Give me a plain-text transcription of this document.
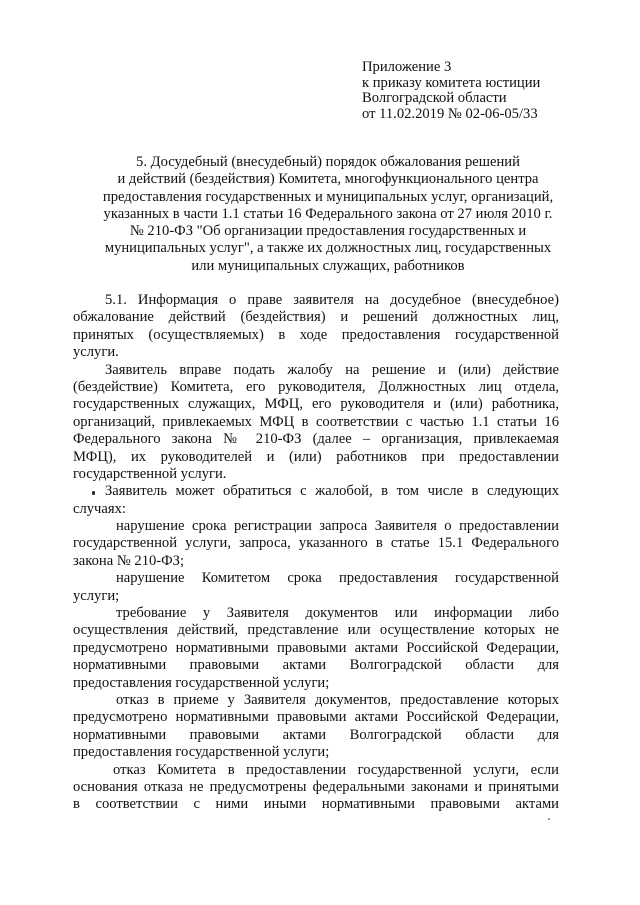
Приложение 3
к приказу комитета юстиции
Волгоградской области
от 11.02.2019 № 02-06-05/33
5. Досудебный (внесудебный) порядок обжалования решений
и действий (бездействия) Комитета, многофункционального центра
предоставления государственных и муниципальных услуг, организаций,
указанных в части 1.1 статьи 16 Федерального закона от 27 июля 2010 г.
№ 210-ФЗ "Об организации предоставления государственных и
муниципальных услуг", а также их должностных лиц, государственных
или муниципальных служащих, работников
5.1. Информация о праве заявителя на досудебное (внесудебное)
обжалование действий (бездействия) и решений должностных лиц,
принятых (осуществляемых) в ходе предоставления государственной
услуги.
Заявитель вправе подать жалобу на решение и (или) действие
(бездействие) Комитета, его руководителя, Должностных лиц отдела,
государственных служащих, МФЦ, его руководителя и (или) работника,
организаций, привлекаемых МФЦ в соответствии с частью 1.1 статьи 16
Федерального закона № 210-ФЗ (далее – организация, привлекаемая
МФЦ), их руководителей и (или) работников при предоставлении
государственной услуги.
Заявитель может обратиться с жалобой, в том числе в следующих
случаях:
нарушение срока регистрации запроса Заявителя о предоставлении
государственной услуги, запроса, указанного в статье 15.1 Федерального
закона № 210-ФЗ;
нарушение Комитетом срока предоставления государственной
услуги;
требование у Заявителя документов или информации либо
осуществления действий, представление или осуществление которых не
предусмотрено нормативными правовыми актами Российской Федерации,
нормативными правовыми актами Волгоградской области для
предоставления государственной услуги;
отказ в приеме у Заявителя документов, предоставление которых
предусмотрено нормативными правовыми актами Российской Федерации,
нормативными правовыми актами Волгоградской области для
предоставления государственной услуги;
отказ Комитета в предоставлении государственной услуги, если
основания отказа не предусмотрены федеральными законами и принятыми
в соответствии с ними иными нормативными правовыми актами
